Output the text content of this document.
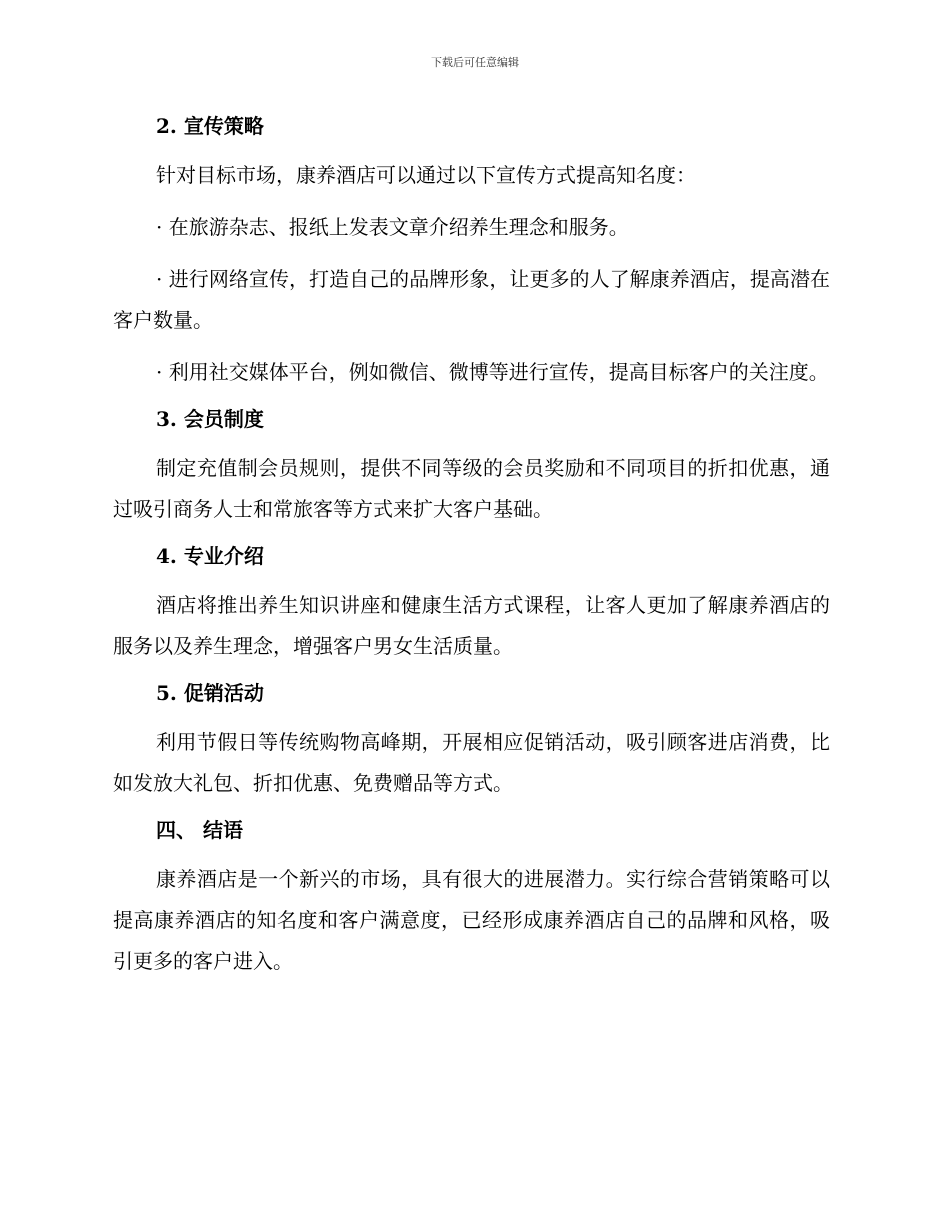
下载后可任意编辑
2. 宣传策略

针对目标市场，康养酒店可以通过以下宣传方式提高知名度：

· 在旅游杂志、报纸上发表文章介绍养生理念和服务。

· 进行网络宣传，打造自己的品牌形象，让更多的人了解康养酒店，提高潜在客户数量。

· 利用社交媒体平台，例如微信、微博等进行宣传，提高目标客户的关注度。

3. 会员制度

制定充值制会员规则，提供不同等级的会员奖励和不同项目的折扣优惠，通过吸引商务人士和常旅客等方式来扩大客户基础。

4. 专业介绍

酒店将推出养生知识讲座和健康生活方式课程，让客人更加了解康养酒店的服务以及养生理念，增强客户男女生活质量。

5. 促销活动

利用节假日等传统购物高峰期，开展相应促销活动，吸引顾客进店消费，比如发放大礼包、折扣优惠、免费赠品等方式。

四、 结语

康养酒店是一个新兴的市场，具有很大的进展潜力。实行综合营销策略可以提高康养酒店的知名度和客户满意度，已经形成康养酒店自己的品牌和风格，吸引更多的客户进入。
